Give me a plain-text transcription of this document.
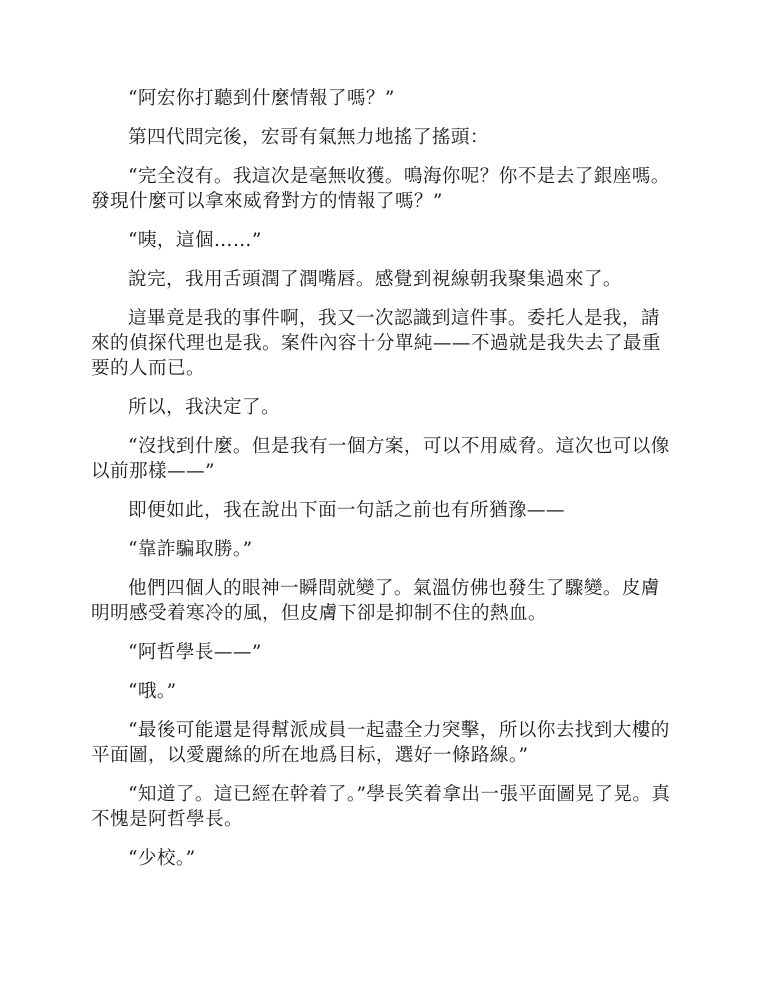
“阿宏你打聽到什麼情報了嗎？”

第四代問完後，宏哥有氣無力地搖了搖頭：

“完全沒有。我這次是毫無收獲。鳴海你呢？你不是去了銀座嗎。發現什麼可以拿來威脅對方的情報了嗎？”

“咦，這個……”

說完，我用舌頭潤了潤嘴唇。感覺到視線朝我聚集過來了。

這畢竟是我的事件啊，我又一次認識到這件事。委托人是我，請來的偵探代理也是我。案件內容十分單純——不過就是我失去了最重要的人而已。

所以，我決定了。

“沒找到什麼。但是我有一個方案，可以不用威脅。這次也可以像以前那樣——”

即便如此，我在說出下面一句話之前也有所猶豫——

“靠詐騙取勝。”

他們四個人的眼神一瞬間就變了。氣溫仿佛也發生了驟變。皮膚明明感受着寒冷的風，但皮膚下卻是抑制不住的熱血。

“阿哲學長——”

“哦。”

“最後可能還是得幫派成員一起盡全力突擊，所以你去找到大樓的平面圖，以愛麗絲的所在地爲目标，選好一條路線。”

“知道了。這已經在幹着了。”學長笑着拿出一張平面圖晃了晃。真不愧是阿哲學長。

“少校。”
